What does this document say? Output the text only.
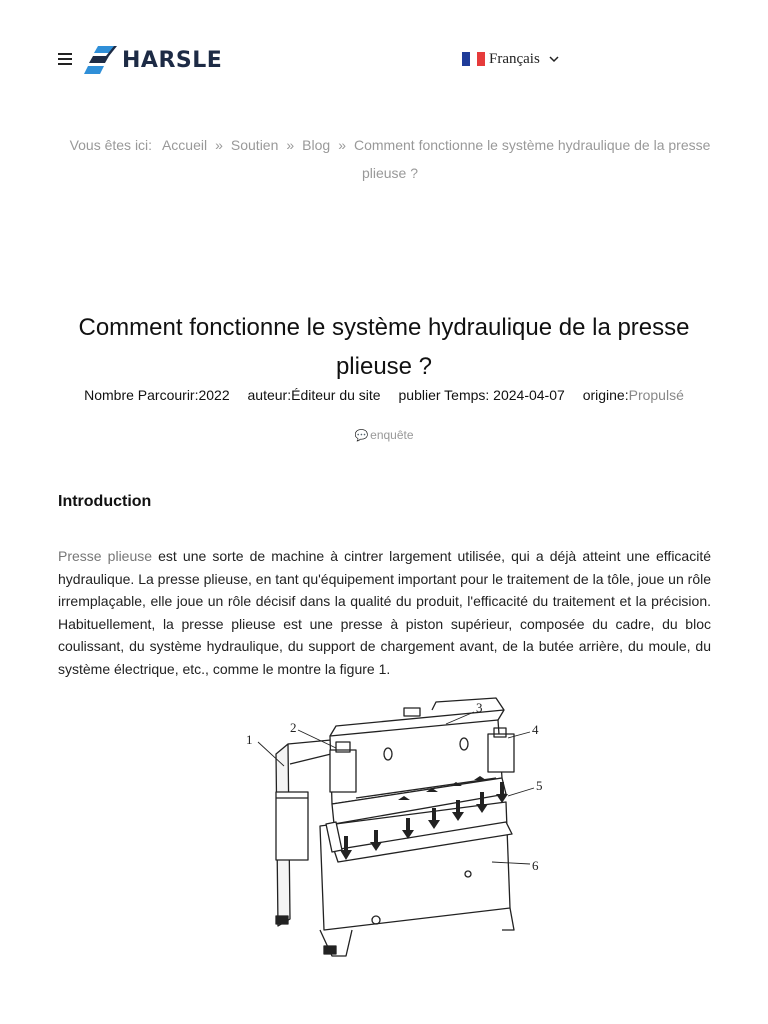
HARSLE	Français
Vous êtes ici: Accueil » Soutien » Blog » Comment fonctionne le système hydraulique de la presse plieuse ?
Comment fonctionne le système hydraulique de la presse plieuse ?
Nombre Parcourir:2022 auteur:Éditeur du site publier Temps: 2024-04-07 origine:Propulsé
💬 enquête
Introduction

Presse plieuse est une sorte de machine à cintrer largement utilisée, qui a déjà atteint une efficacité hydraulique. La presse plieuse, en tant qu'équipement important pour le traitement de la tôle, joue un rôle irremplaçable, elle joue un rôle décisif dans la qualité du produit, l'efficacité du traitement et la précision. Habituellement, la presse plieuse est une presse à piston supérieur, composée du cadre, du bloc coulissant, du système hydraulique, du support de chargement avant, de la butée arrière, du moule, du système électrique, etc., comme le montre la figure 1.

1
2
3
4
5
6
